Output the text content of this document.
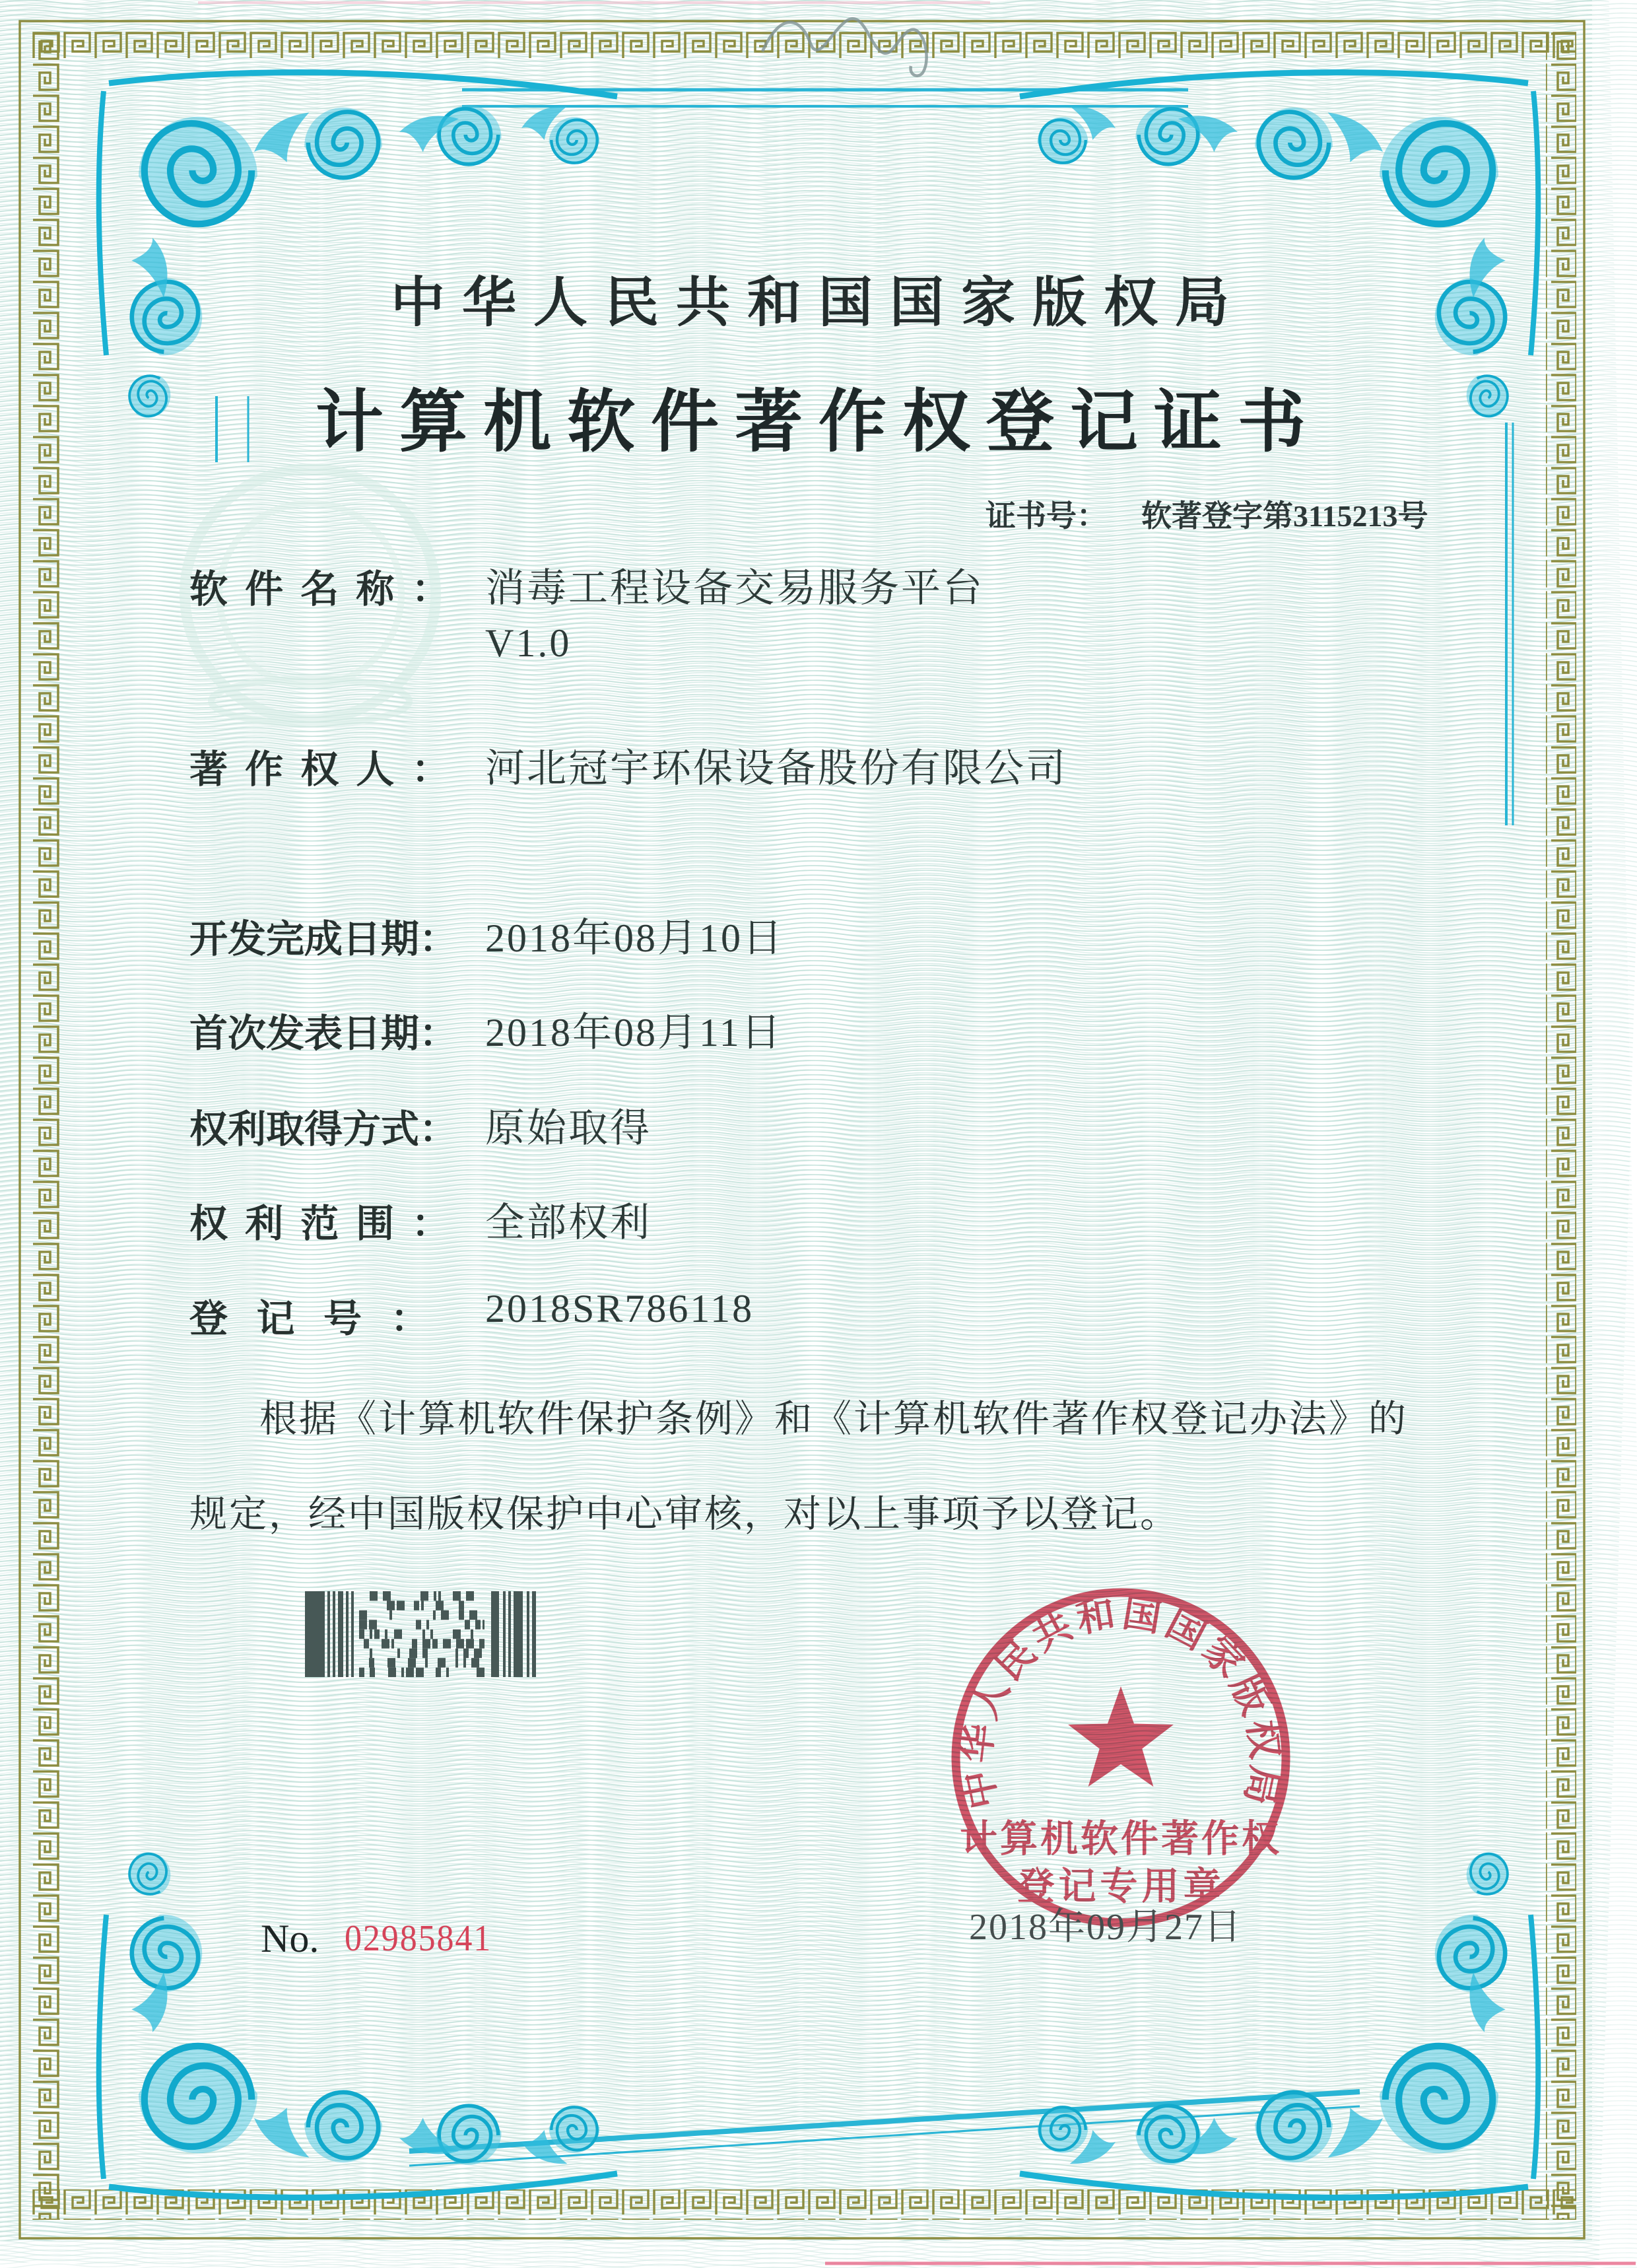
中华人民共和国国家版权局
计算机软件著作权
登记专用章
中华人民共和国国家版权局
计算机软件著作权登记证书
证书号： 软著登字第3115213号
软件名称： 消毒工程设备交易服务平台
V1.0
著作权人： 河北冠宇环保设备股份有限公司
开发完成日期： 2018年08月10日
首次发表日期： 2018年08月11日
权利取得方式： 原始取得
权利范围： 全部权利
登记号： 2018SR786118
根据《计算机软件保护条例》和《计算机软件著作权登记办法》的
规定，经中国版权保护中心审核，对以上事项予以登记。
2018年09月27日
No. 02985841
